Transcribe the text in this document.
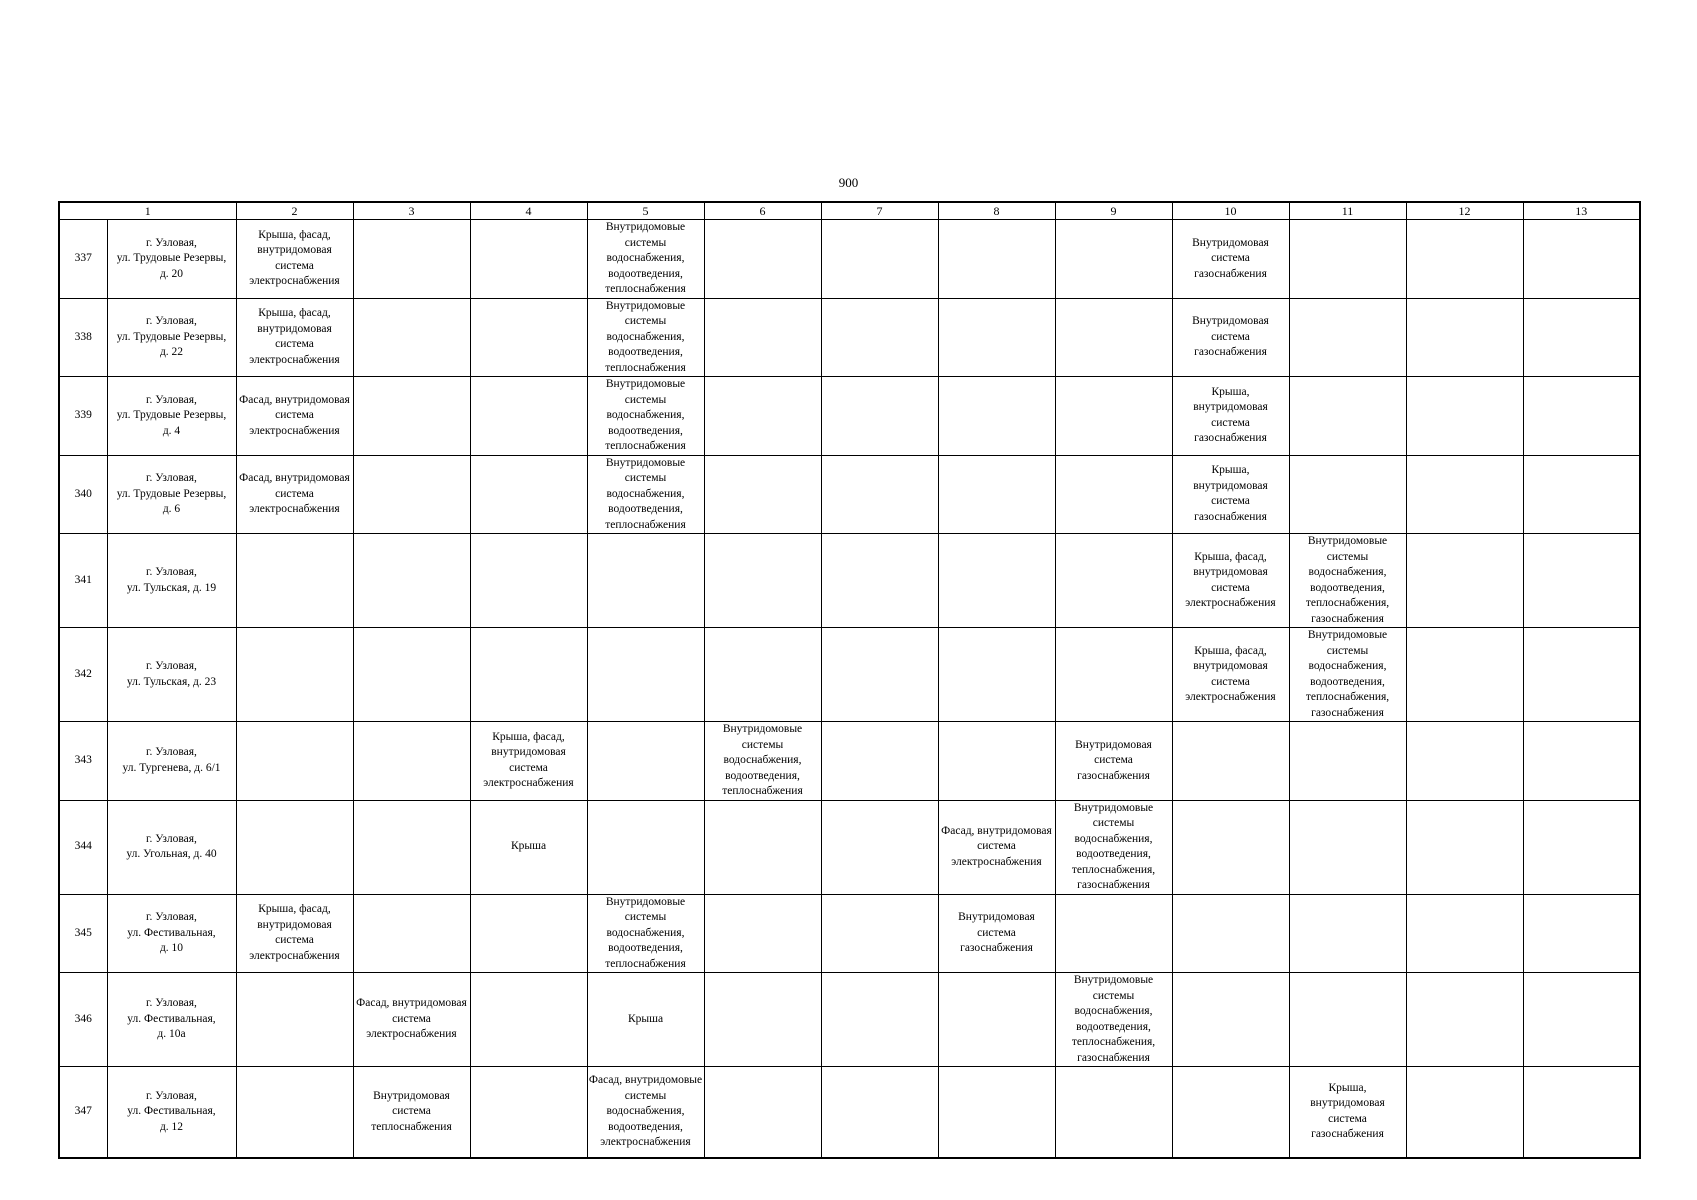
900
1		2	3	4	5	6	7	8	9	10	11	12	13
337	г. Узловая,
ул. Трудовые Резервы,
д. 20	Крыша, фасад, внутридомовая система электроснабжения			Внутридомовые системы водоснабжения, водоотведения, теплоснабжения					Внутридомовая система газоснабжения			

338	г. Узловая,
ул. Трудовые Резервы,
д. 22	Крыша, фасад, внутридомовая система электроснабжения			Внутридомовые системы водоснабжения, водоотведения, теплоснабжения					Внутридомовая система газоснабжения			

339	г. Узловая,
ул. Трудовые Резервы,
д. 4	Фасад, внутридомовая система электроснабжения			Внутридомовые системы водоснабжения, водоотведения, теплоснабжения					Крыша, внутридомовая система газоснабжения			

340	г. Узловая,
ул. Трудовые Резервы,
д. 6	Фасад, внутридомовая система электроснабжения			Внутридомовые системы водоснабжения, водоотведения, теплоснабжения					Крыша, внутридомовая система газоснабжения			

341	г. Узловая,
ул. Тульская, д. 19									Крыша, фасад, внутридомовая система электроснабжения	Внутридомовые системы водоснабжения, водоотведения, теплоснабжения, газоснабжения		

342	г. Узловая,
ул. Тульская, д. 23									Крыша, фасад, внутридомовая система электроснабжения	Внутридомовые системы водоснабжения, водоотведения, теплоснабжения, газоснабжения		

343	г. Узловая,
ул. Тургенева, д. 6/1			Крыша, фасад, внутридомовая система электроснабжения		Внутридомовые системы водоснабжения, водоотведения, теплоснабжения			Внутридомовая система газоснабжения				

344	г. Узловая,
ул. Угольная, д. 40			Крыша				Фасад, внутридомовая система электроснабжения	Внутридомовые системы водоснабжения, водоотведения, теплоснабжения, газоснабжения				

345	г. Узловая,
ул. Фестивальная,
д. 10	Крыша, фасад, внутридомовая система электроснабжения			Внутридомовые системы водоснабжения, водоотведения, теплоснабжения			Внутридомовая система газоснабжения					

346	г. Узловая,
ул. Фестивальная,
д. 10а		Фасад, внутридомовая система электроснабжения		Крыша				Внутридомовые системы водоснабжения, водоотведения, теплоснабжения, газоснабжения				

347	г. Узловая,
ул. Фестивальная,
д. 12		Внутридомовая система теплоснабжения		Фасад, внутридомовые системы водоснабжения, водоотведения, электроснабжения						Крыша, внутридомовая система газоснабжения		
